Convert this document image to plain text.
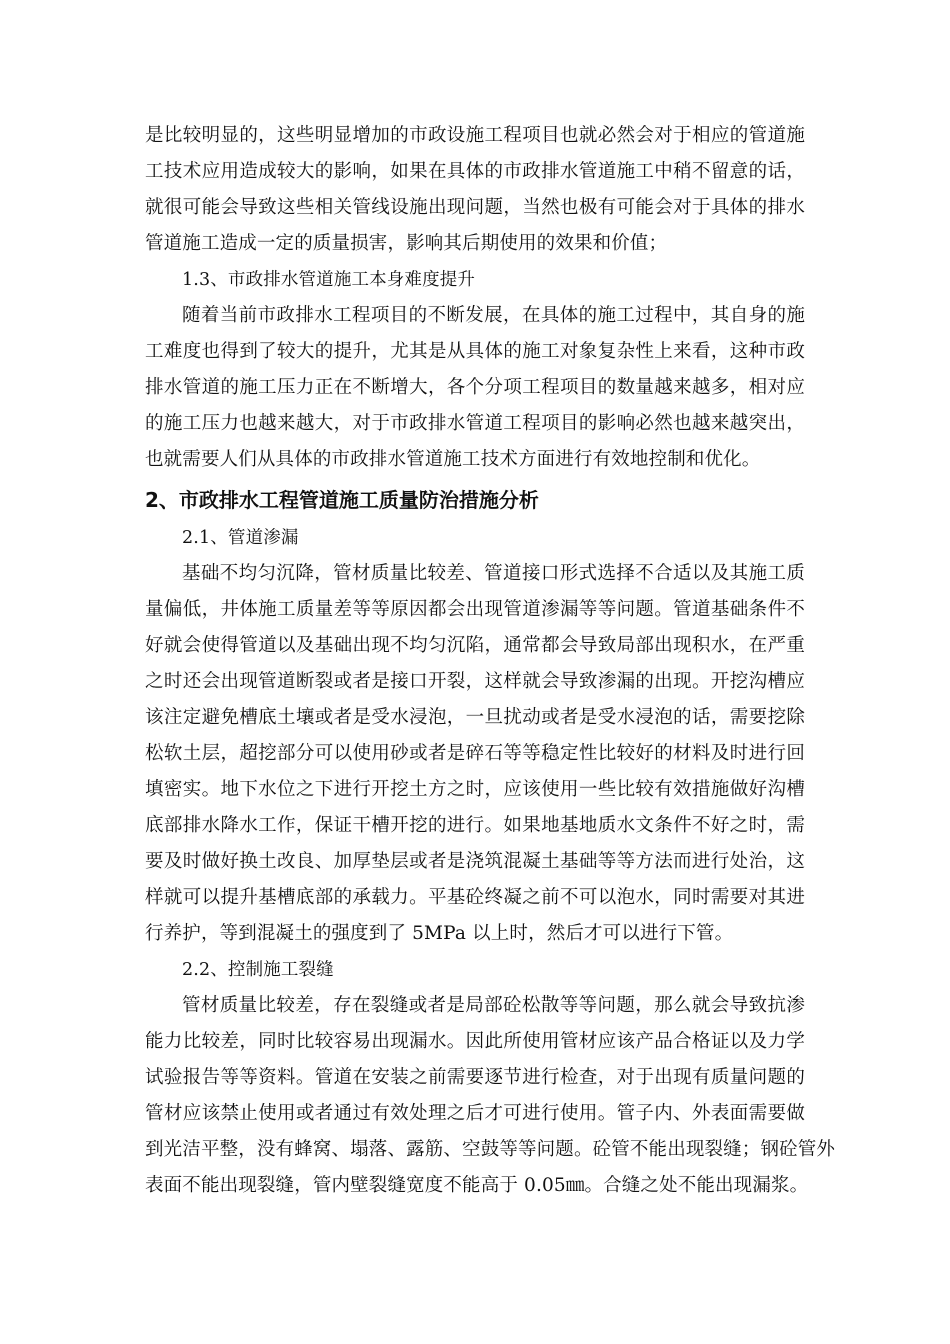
是比较明显的，这些明显增加的市政设施工程项目也就必然会对于相应的管道施
工技术应用造成较大的影响，如果在具体的市政排水管道施工中稍不留意的话，
就很可能会导致这些相关管线设施出现问题，当然也极有可能会对于具体的排水
管道施工造成一定的质量损害，影响其后期使用的效果和价值；
1.3、市政排水管道施工本身难度提升
随着当前市政排水工程项目的不断发展，在具体的施工过程中，其自身的施
工难度也得到了较大的提升，尤其是从具体的施工对象复杂性上来看，这种市政
排水管道的施工压力正在不断增大，各个分项工程项目的数量越来越多，相对应
的施工压力也越来越大，对于市政排水管道工程项目的影响必然也越来越突出，
也就需要人们从具体的市政排水管道施工技术方面进行有效地控制和优化。
2、市政排水工程管道施工质量防治措施分析
2.1、管道渗漏
基础不均匀沉降，管材质量比较差、管道接口形式选择不合适以及其施工质
量偏低，井体施工质量差等等原因都会出现管道渗漏等等问题。管道基础条件不
好就会使得管道以及基础出现不均匀沉陷，通常都会导致局部出现积水，在严重
之时还会出现管道断裂或者是接口开裂，这样就会导致渗漏的出现。开挖沟槽应
该注定避免槽底土壤或者是受水浸泡，一旦扰动或者是受水浸泡的话，需要挖除
松软土层，超挖部分可以使用砂或者是碎石等等稳定性比较好的材料及时进行回
填密实。地下水位之下进行开挖土方之时，应该使用一些比较有效措施做好沟槽
底部排水降水工作，保证干槽开挖的进行。如果地基地质水文条件不好之时，需
要及时做好换土改良、加厚垫层或者是浇筑混凝土基础等等方法而进行处治，这
样就可以提升基槽底部的承载力。平基砼终凝之前不可以泡水，同时需要对其进
行养护，等到混凝土的强度到了 5MPa 以上时，然后才可以进行下管。
2.2、控制施工裂缝
管材质量比较差，存在裂缝或者是局部砼松散等等问题，那么就会导致抗渗
能力比较差，同时比较容易出现漏水。因此所使用管材应该产品合格证以及力学
试验报告等等资料。管道在安装之前需要逐节进行检查，对于出现有质量问题的
管材应该禁止使用或者通过有效处理之后才可进行使用。管子内、外表面需要做
到光洁平整，没有蜂窝、塌落、露筋、空鼓等等问题。砼管不能出现裂缝；钢砼管外
表面不能出现裂缝，管内壁裂缝宽度不能高于 0.05㎜。合缝之处不能出现漏浆。
